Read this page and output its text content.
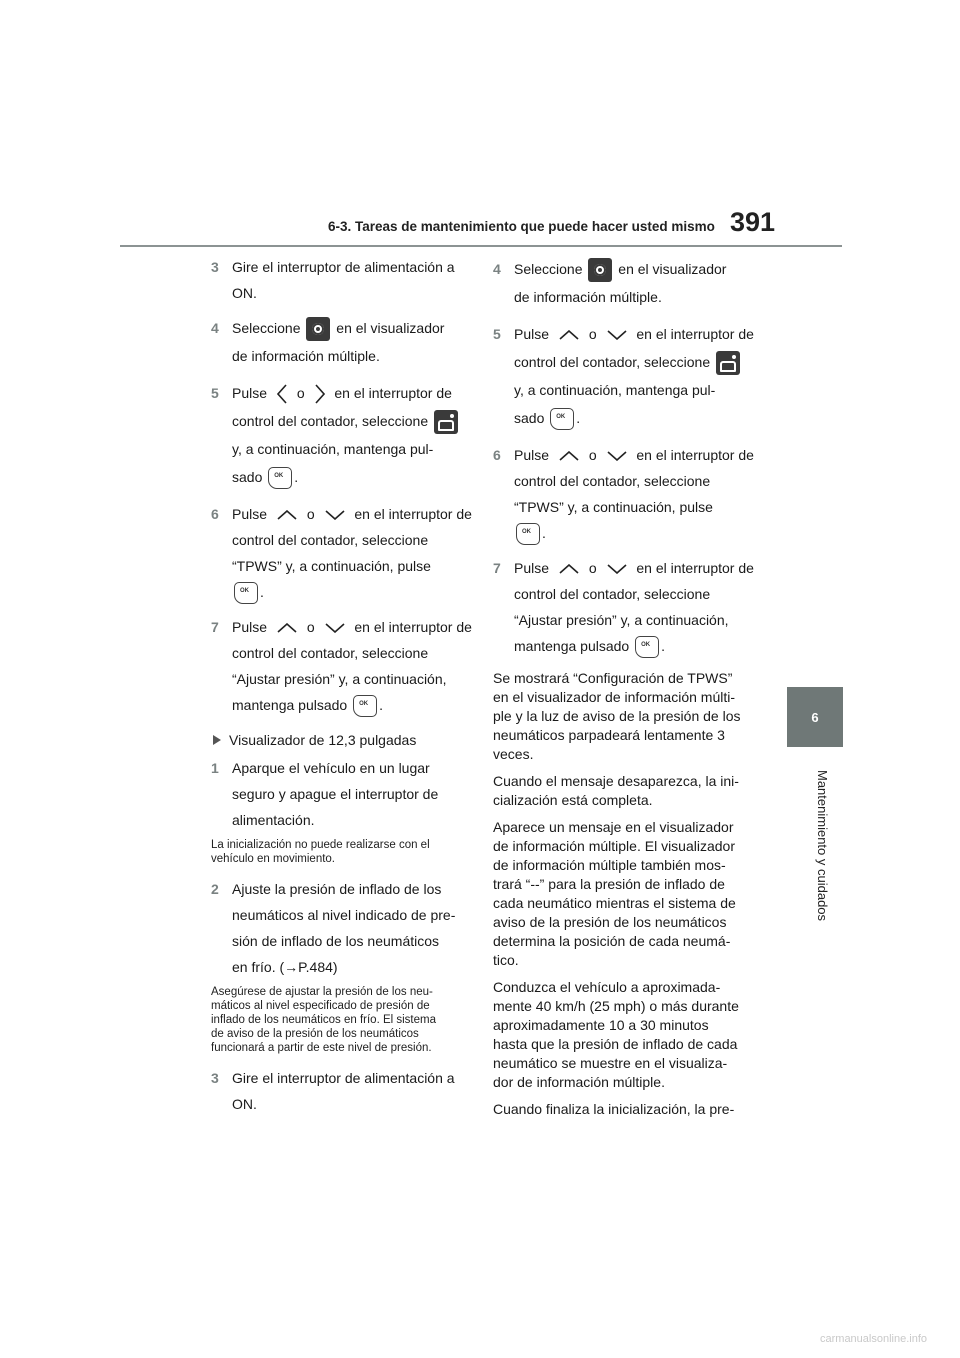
6-3. Tareas de mantenimiento que puede hacer usted mismo 391
6
Mantenimiento y cuidados
3 Gire el interruptor de alimentación a
ON.
4 Seleccione	en el visualizador
de información múltiple.
5 Pulse o en el interruptor de
control del contador, seleccione
y, a continuación, mantenga pul-
sado OK .
6 Pulse	o	en el interruptor de
control del contador, seleccione
“TPWS” y, a continuación, pulse
OK.
7 Pulse	o	en el interruptor de
control del contador, seleccione
“Ajustar presión” y, a continuación,
mantenga pulsado OK .
Visualizador de 12,3 pulgadas
1 Aparque el vehículo en un lugar
seguro y apague el interruptor de
alimentación.
La inicialización no puede realizarse con el
vehículo en movimiento.
2 Ajuste la presión de inflado de los
neumáticos al nivel indicado de pre-
sión de inflado de los neumáticos
en frío. (→P.484)
Asegúrese de ajustar la presión de los neu-
máticos al nivel especificado de presión de
inflado de los neumáticos en frío. El sistema
de aviso de la presión de los neumáticos
funcionará a partir de este nivel de presión.
3 Gire el interruptor de alimentación a
ON.
4 Seleccione	en el visualizador
de información múltiple.
5 Pulse	o	en el interruptor de
control del contador, seleccione
y, a continuación, mantenga pul-
sado OK .
6 Pulse	o	en el interruptor de
control del contador, seleccione
“TPWS” y, a continuación, pulse
OK.
7 Pulse	o	en el interruptor de
control del contador, seleccione
“Ajustar presión” y, a continuación,
mantenga pulsado OK .
Se mostrará “Configuración de TPWS”
en el visualizador de información múlti-
ple y la luz de aviso de la presión de los
neumáticos parpadeará lentamente 3
veces.
Cuando el mensaje desaparezca, la ini-
cialización está completa.
Aparece un mensaje en el visualizador
de información múltiple. El visualizador
de información múltiple también mos-
trará “--” para la presión de inflado de
cada neumático mientras el sistema de
aviso de la presión de los neumáticos
determina la posición de cada neumá-
tico.
Conduzca el vehículo a aproximada-
mente 40 km/h (25 mph) o más durante
aproximadamente 10 a 30 minutos
hasta que la presión de inflado de cada
neumático se muestre en el visualiza-
dor de información múltiple.
Cuando finaliza la inicialización, la pre-
carmanualsonline.info
